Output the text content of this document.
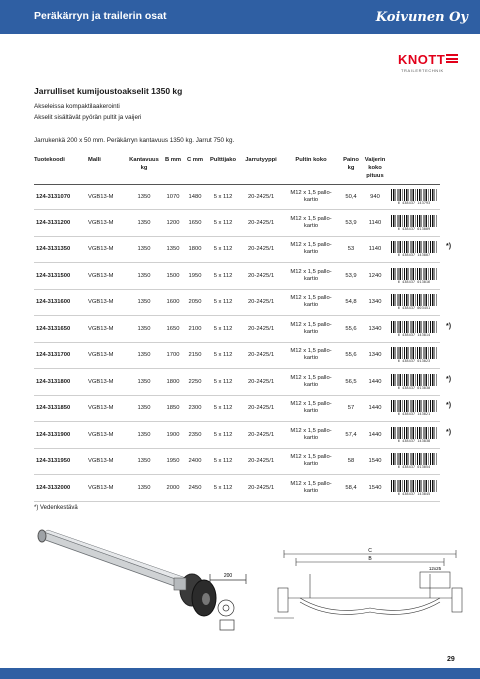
Peräkärryn ja trailerin osat	Koivunen Oy
KNOTT
TRAILERTECHNIK
Jarrulliset kumijoustoakselit 1350 kg
Akseleissa kompaktilaakerointi
Akselit sisältävät pyörän pultit ja vaijeri
Jarrukenkä 200 x 50 mm. Peräkärryn kantavuus 1350 kg. Jarrut 750 kg.
Tuotekoodi	Malli	Kantavuus kg	B mm	C mm	Pulttijako	Jarrutyyppi	Pultin koko	Paino kg	Vaijerin koko pituus	
124-3131070	VGB13-M	1350	1070	1480	5 x 112	20-2425/1	M12 x 1,5 pallo-
kartio	50,4	940	6 438437 143793

124-3131200	VGB13-M	1350	1200	1650	5 x 112	20-2425/1	M12 x 1,5 pallo-
kartio	53,9	1140	6 438437 013009

124-3131350	VGB13-M	1350	1350	1800	5 x 112	20-2425/1	M12 x 1,5 pallo-
kartio	53	1140	6 438437 143807

124-3131500	VGB13-M	1350	1500	1950	5 x 112	20-2425/1	M12 x 1,5 pallo-
kartio	53,9	1240	6 438437 013016

124-3131600	VGB13-M	1350	1600	2050	5 x 112	20-2425/1	M12 x 1,5 pallo-
kartio	54,8	1340	6 438437 003451

124-3131650	VGB13-M	1350	1650	2100	5 x 112	20-2425/1	M12 x 1,5 pallo-
kartio	55,6	1340	6 438437 143814

124-3131700	VGB13-M	1350	1700	2150	5 x 112	20-2425/1	M12 x 1,5 pallo-
kartio	55,6	1340	6 438437 013023

124-3131800	VGB13-M	1350	1800	2250	5 x 112	20-2425/1	M12 x 1,5 pallo-
kartio	56,5	1440	6 438437 013030

124-3131850	VGB13-M	1350	1850	2300	5 x 112	20-2425/1	M12 x 1,5 pallo-
kartio	57	1440	6 438437 143821

124-3131900	VGB13-M	1350	1900	2350	5 x 112	20-2425/1	M12 x 1,5 pallo-
kartio	57,4	1440	6 438437 143838

124-3131950	VGB13-M	1350	1950	2400	5 x 112	20-2425/1	M12 x 1,5 pallo-
kartio	58	1540	6 438437 013054

124-3132000	VGB13-M	1350	2000	2450	5 x 112	20-2425/1	M12 x 1,5 pallo-
kartio	58,4	1540	6 438437 143845
*) Vedenkestävä
200
C
B
12x25
29
*)
*)
*)
*)
*)
